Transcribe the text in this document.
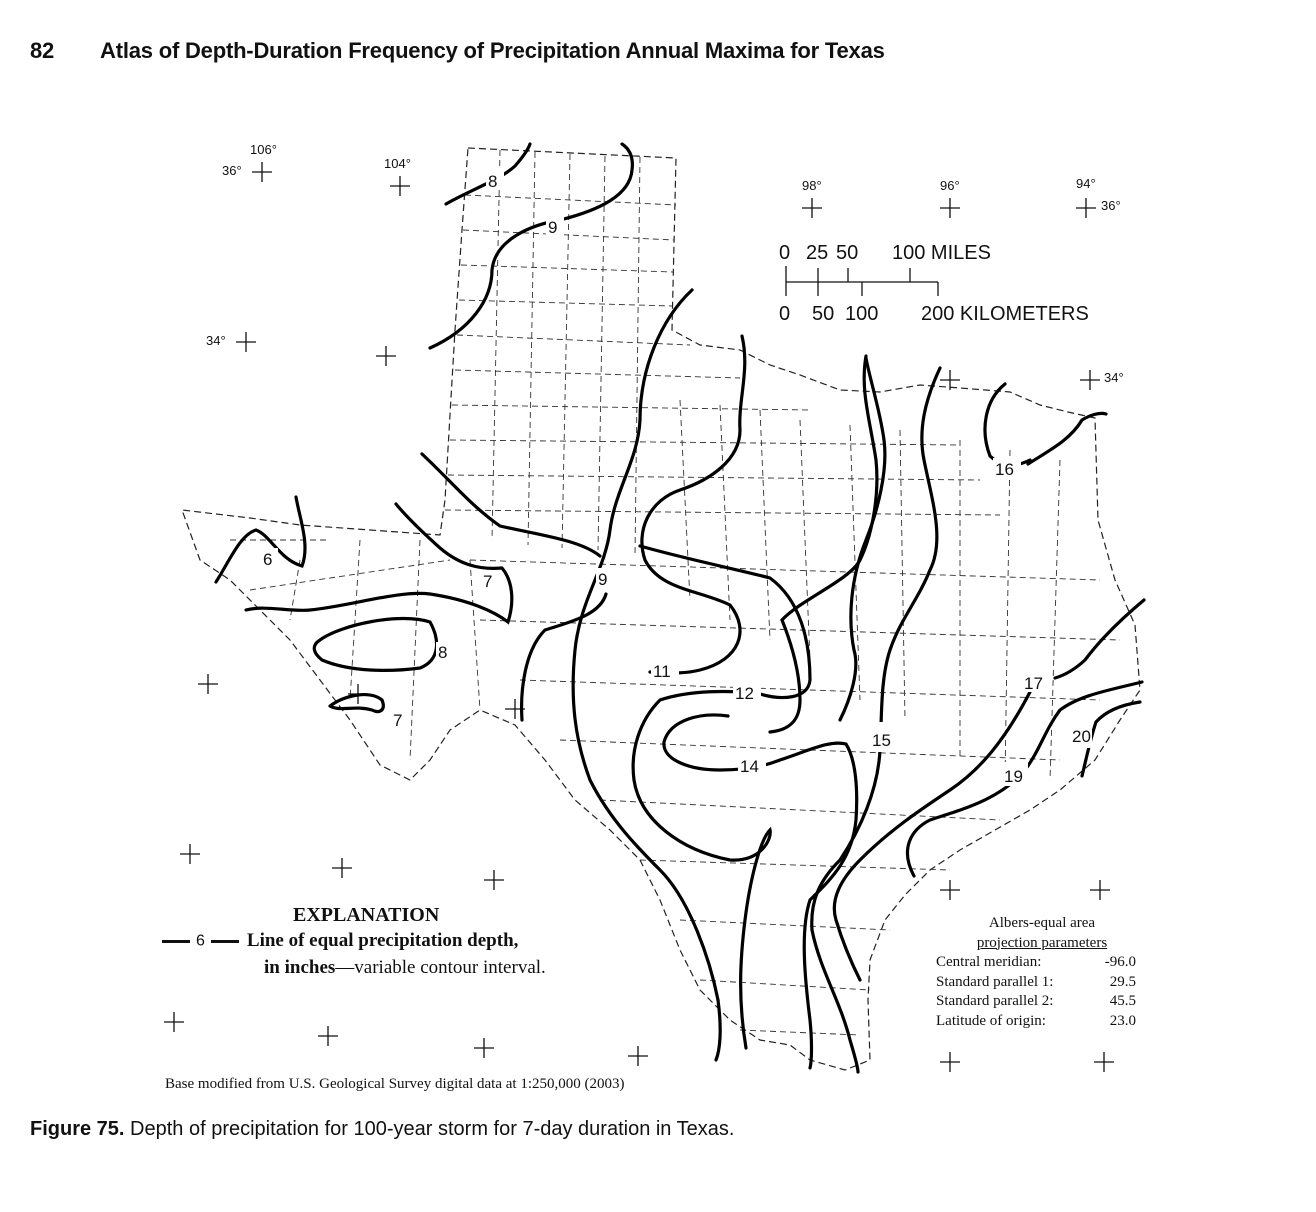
82 Atlas of Depth-Duration Frequency of Precipitation Annual Maxima for Texas
106°
36°	104°
98°	96°	94°
36°
34°
34°
0 25 50 100 MILES
0 50 100 200 KILOMETERS
6
7
7
8
8
9
9
11
12
14
15
16
17
19
20
EXPLANATION
6 Line of equal precipitation depth,
in inches—variable contour interval.
Albers-equal area
projection parameters
Central meridian:	-96.0
Standard parallel 1:	29.5
Standard parallel 2:	45.5
Latitude of origin:	23.0
Base modified from U.S. Geological Survey digital data at 1:250,000 (2003)
Figure 75. Depth of precipitation for 100-year storm for 7-day duration in Texas.
